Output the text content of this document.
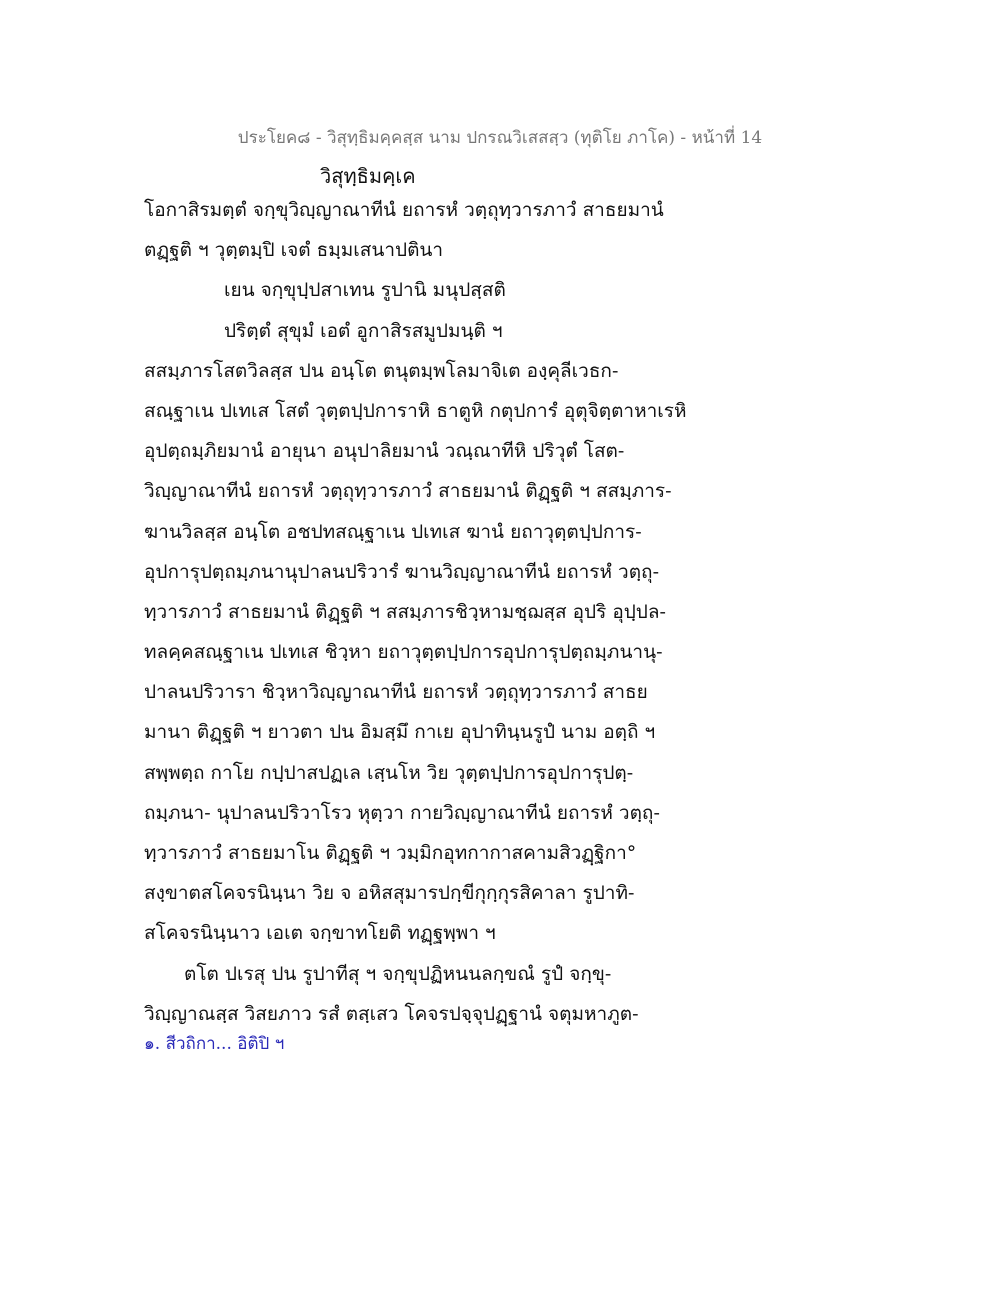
ประโยค๘ - วิสุทฺธิมคฺคสฺส นาม ปกรณวิเสสสฺว (ทุติโย ภาโค) - หน้าที่ 14
วิสุทฺธิมคฺเค
โอกาสิรมตฺตํ จกฺขุวิญฺญาณาทีนํ ยถารหํ วตฺถุทฺวารภาวํ สาธยมานํ
ตฏฺฐติ ฯ วุตฺตมฺปิ เจตํ ธมฺมเสนาปตินา
เยน จกฺขุปฺปสาเทน รูปานิ มนุปสฺสติ
ปริตฺตํ สุขุมํ เอตํ อูกาสิรสมูปมนฺติ ฯ
สสมฺภารโสตวิลสฺส ปน อนฺโต ตนุตมฺพโลมาจิเต องฺคุลีเวธก-
สณฺฐาเน ปเทเส โสตํ วุตฺตปฺปการาหิ ธาตูหิ กตุปการํ อุตุจิตฺตาหาเรหิ
อุปตฺถมฺภิยมานํ อายุนา อนุปาลิยมานํ วณฺณาทีหิ ปริวุตํ โสต-
วิญฺญาณาทีนํ ยถารหํ วตฺถุทฺวารภาวํ สาธยมานํ ติฏฺฐติ ฯ สสมฺภาร-
ฆานวิลสฺส อนฺโต อชปทสณฺฐาเน ปเทเส ฆานํ ยถาวุตฺตปฺปการ-
อุปการุปตฺถมฺภนานุปาลนปริวารํ ฆานวิญฺญาณาทีนํ ยถารหํ วตฺถุ-
ทฺวารภาวํ สาธยมานํ ติฏฺฐติ ฯ สสมฺภารชิวฺหามชฺฌสฺส อุปริ อุปฺปล-
ทลคฺคสณฺฐาเน ปเทเส ชิวฺหา ยถาวุตฺตปฺปการอุปการุปตฺถมฺภนานุ-
ปาลนปริวารา ชิวฺหาวิญฺญาณาทีนํ ยถารหํ วตฺถุทฺวารภาวํ สาธย
มานา ติฏฺฐติ ฯ ยาวตา ปน อิมสฺมึ กาเย อุปาทินฺนรูปํ นาม อตฺถิ ฯ
สพฺพตฺถ กาโย กปฺปาสปฏเล เสฺนโห วิย วุตฺตปฺปการอุปการุปตฺ-
ถมฺภนา- นุปาลนปริวาโรว หุตฺวา กายวิญฺญาณาทีนํ ยถารหํ วตฺถุ-
ทฺวารภาวํ สาธยมาโน ติฏฺฐติ ฯ วมฺมิกอุทกากาสคามสิวฏฺฐิกา°
สงฺขาตสโคจรนินฺนา วิย จ อหิสสุมารปกฺขีกุกฺกุรสิคาลา รูปาทิ-
สโคจรนินฺนาว เอเต จกฺขาทโยติ ทฏฺฐพฺพา ฯ
ตโต ปเรสุ ปน รูปาทีสุ ฯ จกฺขุปฏิหนนลกฺขณํ รูปํ จกฺขุ-
วิญฺญาณสฺส วิสยภาว รสํ ตสฺเสว โคจรปจฺจุปฏฺฐานํ จตุมหาภูต-
๑. สีวถิกา... อิติปิ ฯ
